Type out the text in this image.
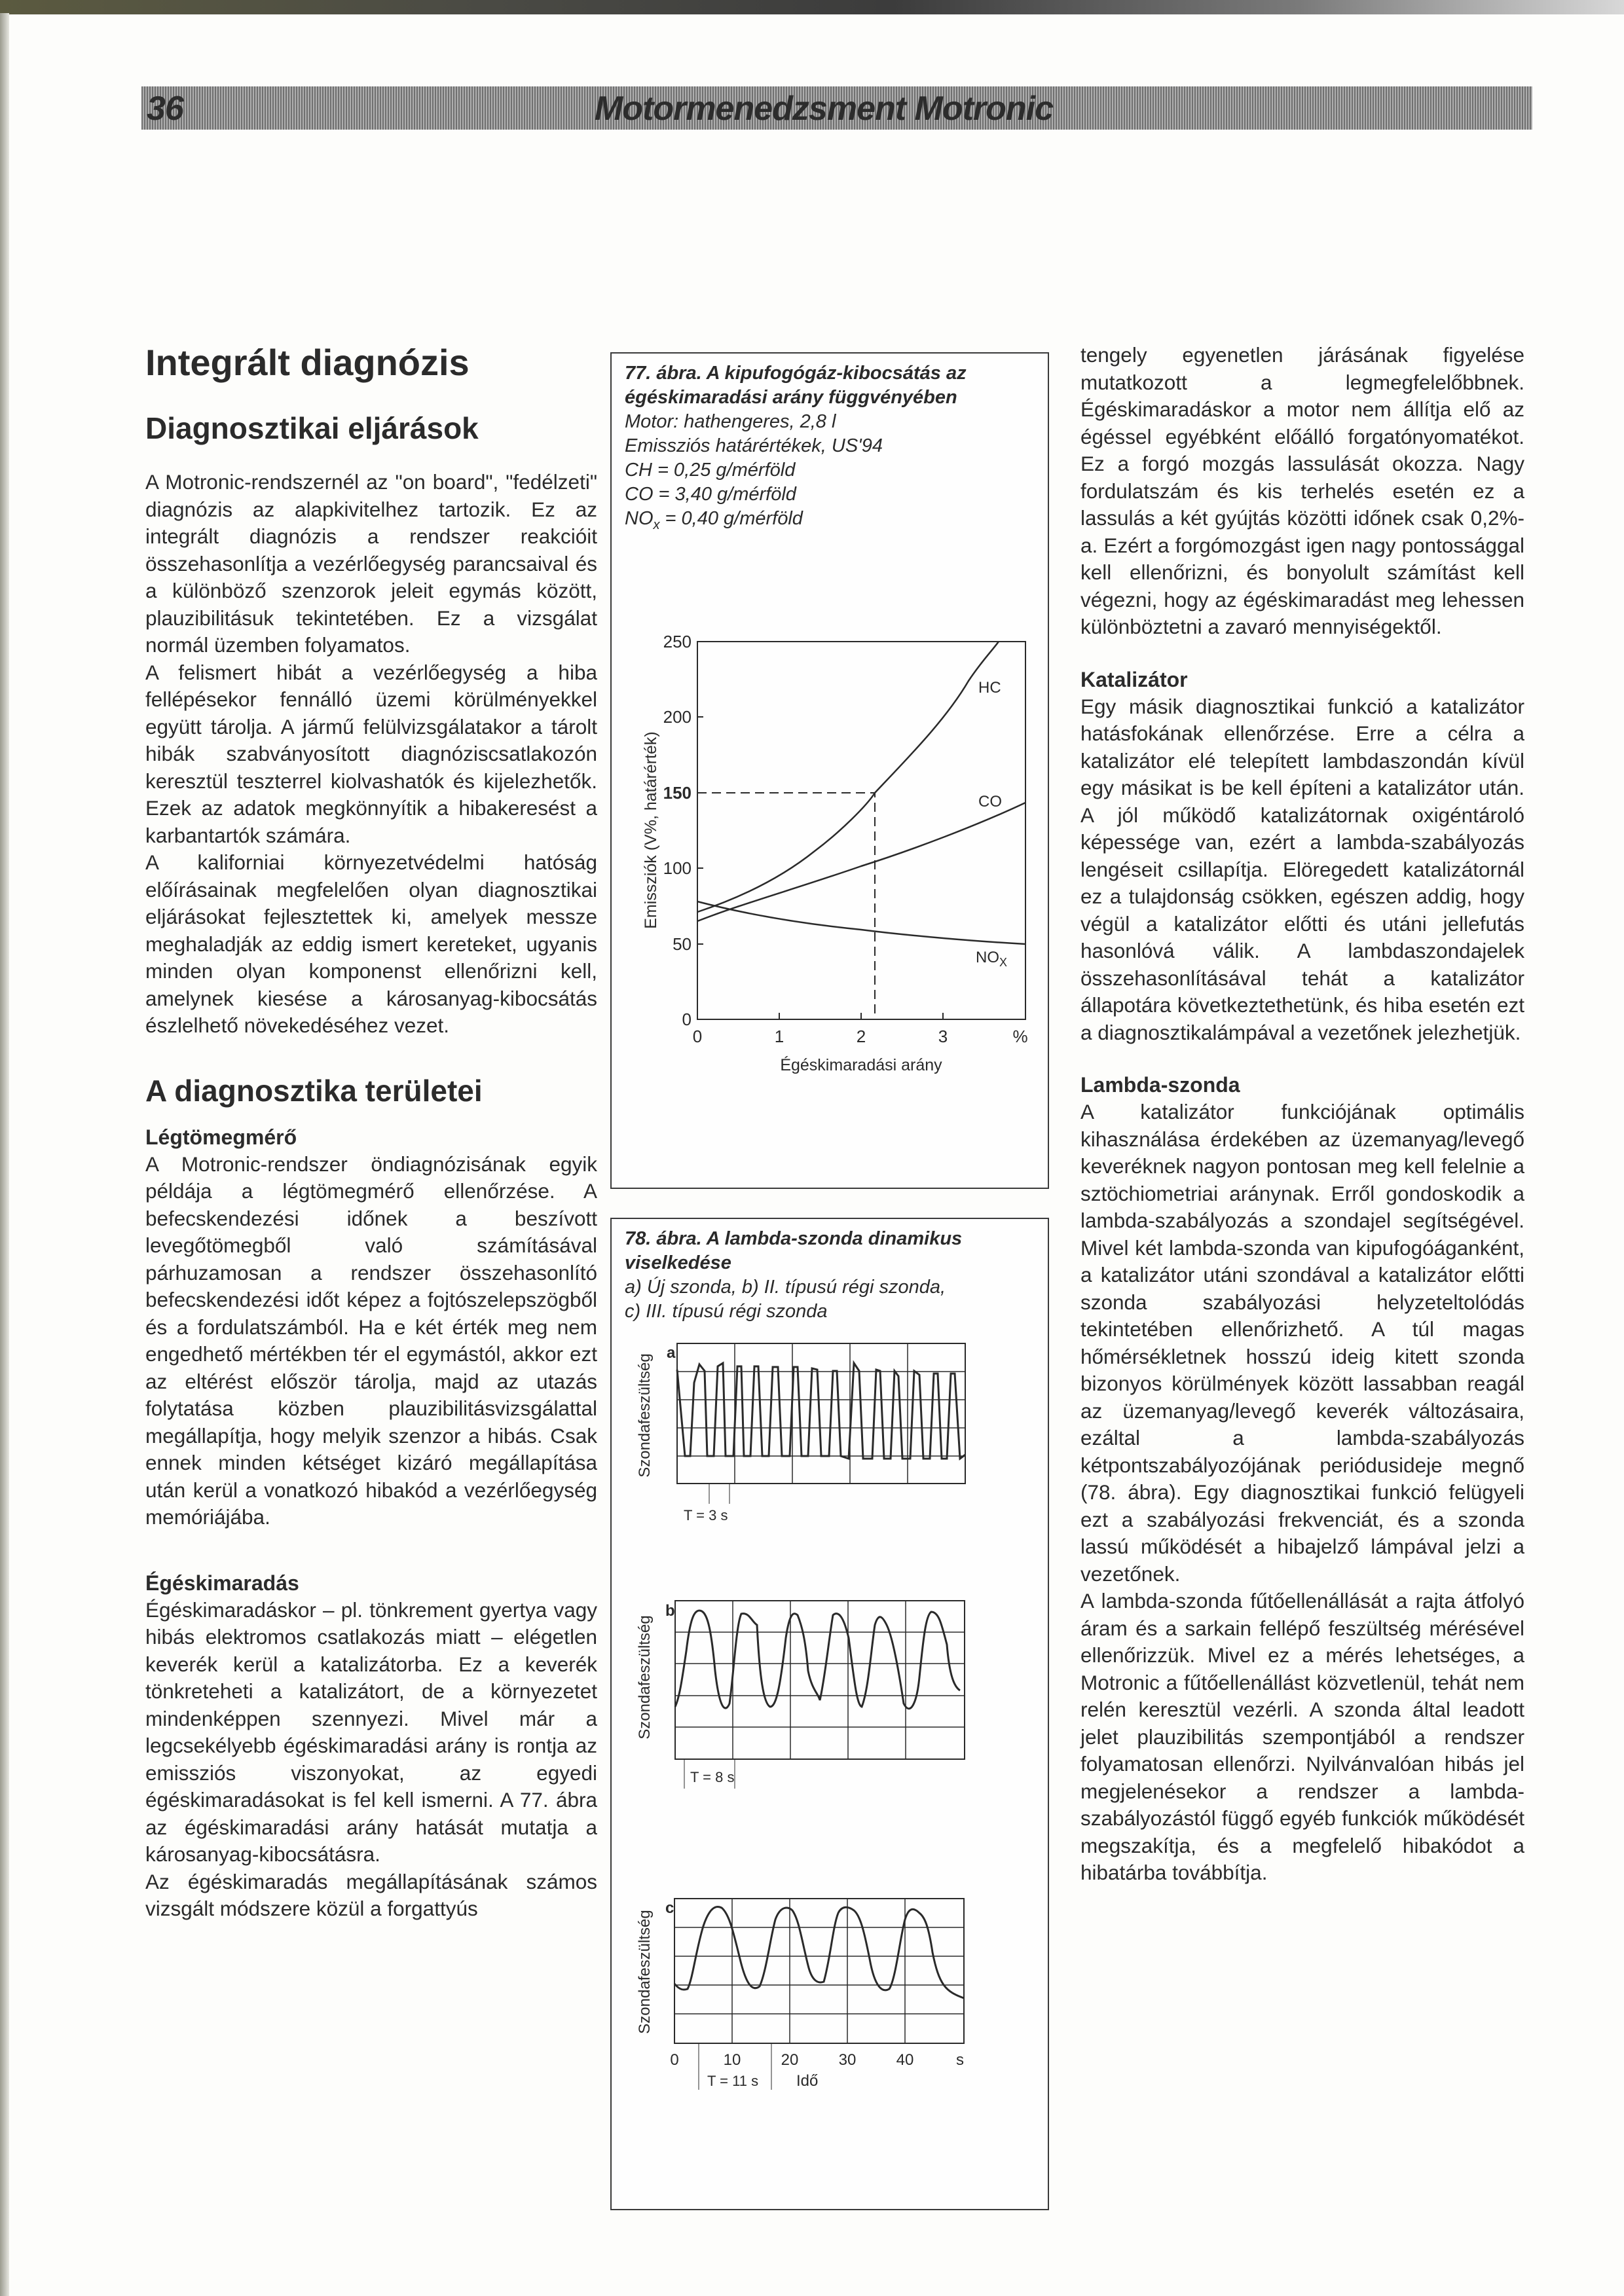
36	Motormenedzsment Motronic
Integrált diagnózis
Diagnosztikai eljárások

A Motronic-rendszernél az "on board", "fedélzeti" diagnózis az alapkivitelhez tartozik. Ez az integrált diagnózis a rendszer reakcióit összehasonlítja a vezérlőegység parancsaival és a különböző szenzorok jeleit egymás között, plauzibilitásuk tekintetében. Ez a vizsgálat normál üzemben folyamatos.

A felismert hibát a vezérlőegység a hiba fellépésekor fennálló üzemi körülményekkel együtt tárolja. A jármű felülvizsgálatakor a tárolt hibák szabványosított diagnóziscsatlakozón keresztül teszterrel kiolvashatók és kijelezhetők. Ezek az adatok megkönnyítik a hibakeresést a karbantartók számára.

A kaliforniai környezetvédelmi hatóság előírásainak megfelelően olyan diagnosztikai eljárásokat fejlesztettek ki, amelyek messze meghaladják az eddig ismert kereteket, ugyanis minden olyan komponenst ellenőrizni kell, amelynek kiesése a károsanyag-kibocsátás észlelhető növekedéséhez vezet.

A diagnosztika területei
Légtömegmérő

A Motronic-rendszer öndiagnózisának egyik példája a légtömegmérő ellenőrzése. A befecskendezési időnek a beszívott levegőtömegből való számításával párhuzamosan a rendszer összehasonlító befecskendezési időt képez a fojtószelepszögből és a fordulatszámból. Ha e két érték meg nem engedhető mértékben tér el egymástól, akkor ezt az eltérést először tárolja, majd az utazás folytatása közben plauzibilitásvizsgálattal megállapítja, hogy melyik szenzor a hibás. Csak ennek minden kétséget kizáró megállapítása után kerül a vonatkozó hibakód a vezérlőegység memóriájába.

Égéskimaradás

Égéskimaradáskor – pl. tönkrement gyertya vagy hibás elektromos csatlakozás miatt – elégetlen keverék kerül a katalizátorba. Ez a keverék tönkreteheti a katalizátort, de a környezetet mindenképpen szennyezi. Mivel már a legcsekélyebb égéskimaradási arány is rontja az emissziós viszonyokat, az egyedi égéskimaradásokat is fel kell ismerni. A 77. ábra az égéskimaradási arány hatását mutatja a károsanyag-kibocsátásra.

Az égéskimaradás megállapításának számos vizsgált módszere közül a forgattyús

77. ábra. A kipufogógáz-kibocsátás az égéskimaradási arány függvényében
Motor: hathengeres, 2,8 l
Emissziós határértékek, US'94
CH = 0,25 g/mérföld
CO = 3,40 g/mérföld
$NO_x = 0,40$ g/mérföld
0
50
100
150
200
250
0	1	2	3	%
Égéskimaradási arány
Emissziók (V%, határérték)
HC
CO
$NO_X$
78. ábra. A lambda-szonda dinamikus viselkedése
a) Új szonda, b) II. típusú régi szonda,
c) III. típusú régi szonda
a
T = 3 s
Szondafeszültség
b
T = 8 s
Szondafeszültség
c
Szondafeszültség
0	10	20	30	40	s
T = 11 s Idő

tengely egyenetlen járásának figyelése mutatkozott a legmegfelelőbbnek. Égéskimaradáskor a motor nem állítja elő az égéssel egyébként előálló forgatónyomatékot. Ez a forgó mozgás lassulását okozza. Nagy fordulatszám és kis terhelés esetén ez a lassulás a két gyújtás közötti időnek csak 0,2%-a. Ezért a forgómozgást igen nagy pontossággal kell ellenőrizni, és bonyolult számítást kell végezni, hogy az égéskimaradást meg lehessen különböztetni a zavaró mennyiségektől.

Katalizátor

Egy másik diagnosztikai funkció a katalizátor hatásfokának ellenőrzése. Erre a célra a katalizátor elé telepített lambdaszondán kívül egy másikat is be kell építeni a katalizátor után. A jól működő katalizátornak oxigéntároló képessége van, ezért a lambda-szabályozás lengéseit csillapítja. Elöregedett katalizátornál ez a tulajdonság csökken, egészen addig, hogy végül a katalizátor előtti és utáni jellefutás hasonlóvá válik. A lambdaszondajelek összehasonlításával tehát a katalizátor állapotára következtethetünk, és hiba esetén ezt a diagnosztikalámpával a vezetőnek jelezhetjük.

Lambda-szonda

A katalizátor funkciójának optimális kihasználása érdekében az üzemanyag/levegő keveréknek nagyon pontosan meg kell felelnie a sztöchiometriai aránynak. Erről gondoskodik a lambda-szabályozás a szondajel segítségével. Mivel két lambda-szonda van kipufogóáganként, a katalizátor utáni szondával a katalizátor előtti szonda szabályozási helyzeteltolódás tekintetében ellenőrizhető. A túl magas hőmérsékletnek hosszú ideig kitett szonda bizonyos körülmények között lassabban reagál az üzemanyag/levegő keverék változásaira, ezáltal a lambda-szabályozás kétpontszabályozójának periódusideje megnő (78. ábra). Egy diagnosztikai funkció felügyeli ezt a szabályozási frekvenciát, és a szonda lassú működését a hibajelző lámpával jelzi a vezetőnek.

A lambda-szonda fűtőellenállását a rajta átfolyó áram és a sarkain fellépő feszültség mérésével ellenőrizzük. Mivel ez a mérés lehetséges, a Motronic a fűtőellenállást közvetlenül, tehát nem relén keresztül vezérli. A szonda által leadott jelet plauzibilitás szempontjából a rendszer folyamatosan ellenőrzi. Nyilvánvalóan hibás jel megjelenésekor a rendszer a lambda-szabályozástól függő egyéb funkciók működését megszakítja, és a megfelelő hibakódot a hibatárba továbbítja.
